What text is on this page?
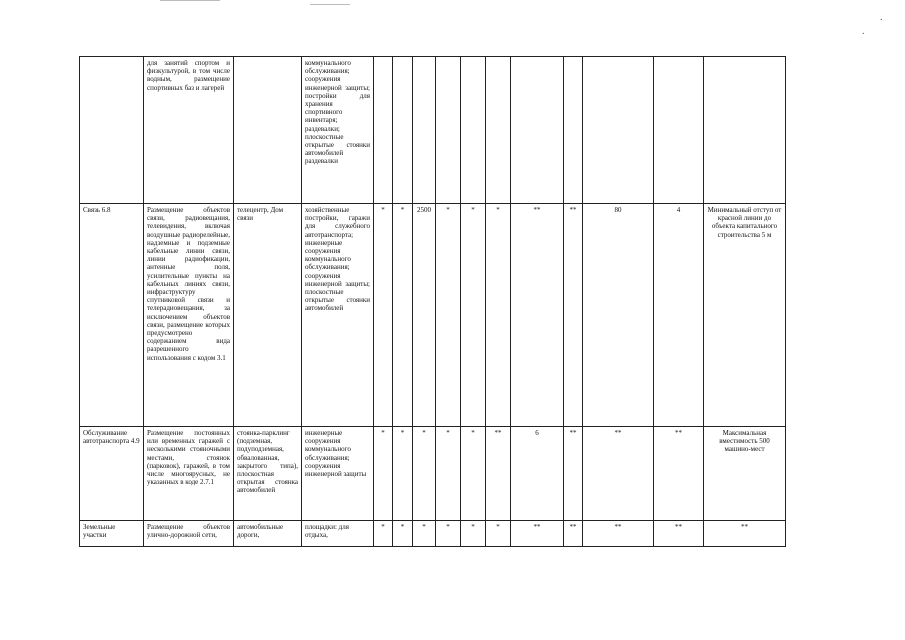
.
.
	для занятий спортом и физкультурой, в том числе водным, размещение спортивных баз и лагерей		коммунального обслуживания; сооружения инженерной защиты; постройки для хранения спортивного инвентаря; раздевалки; плоскостные открытые стоянки автомобилей раздевалки											
Связь 6.8	Размещение объектов связи, радиовещания, телевидения, включая воздушные радиорелейные, надземные и подземные кабельные линии связи, линии радиофикации, антенные поля, усилительные пункты на кабельных линиях связи, инфраструктуру спутниковой связи и телерадиовещания, за исключением объектов связи, размещение которых предусмотрено содержанием вида разрешенного использования с кодом 3.1	телецентр, Дом связи	хозяйственные постройки, гаражи для служебного автотранспорта; инженерные сооружения коммунального обслуживания; сооружения инженерной защиты; плоскостные открытые стоянки автомобилей	*	*	2500	*	*	*	**	**	80	4	Минимальный отступ от красной линии до объекта капитального строительства 5 м
Обслуживание автотранспорта 4.9	Размещение постоянных или временных гаражей с несколькими стояночными местами, стоянок (парковок), гаражей, в том числе многоярусных, не указанных в коде 2.7.1	стоянка-парклинг (подземная, подуподземная, обвалованная, закрытого типа), плоскостная открытая стоянка автомобилей	инженерные сооружения коммунального обслуживания; сооружения инженерной защиты	*	*	*	*	*	**	6	**	**	**	Максимальная вместимость 500 машино-мест
Земельные участки	Размещение объектов улично-дорожной сети,	автомобильные дороги,	площадки: для отдыха,	*	*	*	*	*	*	**	**	**	**	**
